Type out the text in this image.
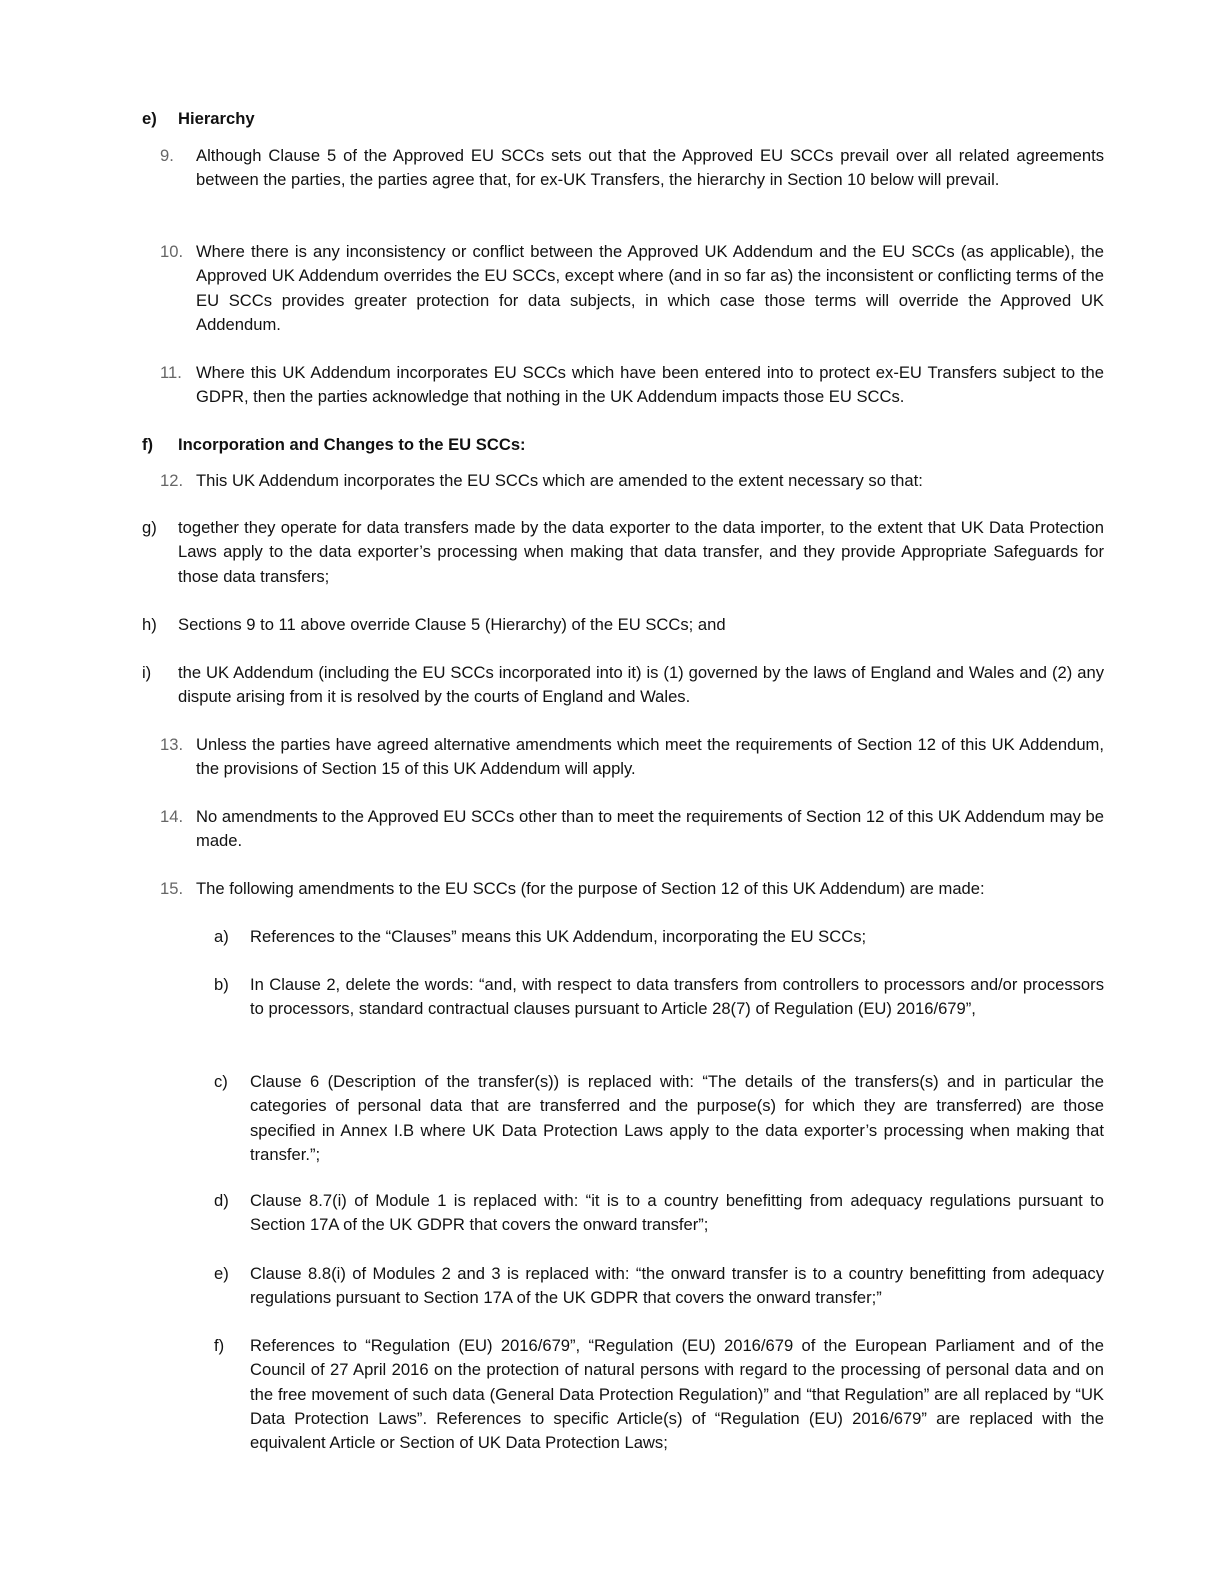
e) Hierarchy
9. Although Clause 5 of the Approved EU SCCs sets out that the Approved EU SCCs prevail over all related agreements between the parties, the parties agree that, for ex-UK Transfers, the hierarchy in Section 10 below will prevail.
10. Where there is any inconsistency or conflict between the Approved UK Addendum and the EU SCCs (as applicable), the Approved UK Addendum overrides the EU SCCs, except where (and in so far as) the inconsistent or conflicting terms of the EU SCCs provides greater protection for data subjects, in which case those terms will override the Approved UK Addendum.
11. Where this UK Addendum incorporates EU SCCs which have been entered into to protect ex-EU Transfers subject to the GDPR, then the parties acknowledge that nothing in the UK Addendum impacts those EU SCCs.
f) Incorporation and Changes to the EU SCCs:
12. This UK Addendum incorporates the EU SCCs which are amended to the extent necessary so that:
g) together they operate for data transfers made by the data exporter to the data importer, to the extent that UK Data Protection Laws apply to the data exporter’s processing when making that data transfer, and they provide Appropriate Safeguards for those data transfers;
h) Sections 9 to 11 above override Clause 5 (Hierarchy) of the EU SCCs; and
i) the UK Addendum (including the EU SCCs incorporated into it) is (1) governed by the laws of England and Wales and (2) any dispute arising from it is resolved by the courts of England and Wales.
13. Unless the parties have agreed alternative amendments which meet the requirements of Section 12 of this UK Addendum, the provisions of Section 15 of this UK Addendum will apply.
14. No amendments to the Approved EU SCCs other than to meet the requirements of Section 12 of this UK Addendum may be made.
15. The following amendments to the EU SCCs (for the purpose of Section 12 of this UK Addendum) are made:
a) References to the “Clauses” means this UK Addendum, incorporating the EU SCCs;
b) In Clause 2, delete the words: “and, with respect to data transfers from controllers to processors and/or processors to processors, standard contractual clauses pursuant to Article 28(7) of Regulation (EU) 2016/679”,
c) Clause 6 (Description of the transfer(s)) is replaced with: “The details of the transfers(s) and in particular the categories of personal data that are transferred and the purpose(s) for which they are transferred) are those specified in Annex I.B where UK Data Protection Laws apply to the data exporter’s processing when making that transfer.”;
d) Clause 8.7(i) of Module 1 is replaced with: “it is to a country benefitting from adequacy regulations pursuant to Section 17A of the UK GDPR that covers the onward transfer”;
e) Clause 8.8(i) of Modules 2 and 3 is replaced with: “the onward transfer is to a country benefitting from adequacy regulations pursuant to Section 17A of the UK GDPR that covers the onward transfer;”
f) References to “Regulation (EU) 2016/679”, “Regulation (EU) 2016/679 of the European Parliament and of the Council of 27 April 2016 on the protection of natural persons with regard to the processing of personal data and on the free movement of such data (General Data Protection Regulation)” and “that Regulation” are all replaced by “UK Data Protection Laws”. References to specific Article(s) of “Regulation (EU) 2016/679” are replaced with the equivalent Article or Section of UK Data Protection Laws;
